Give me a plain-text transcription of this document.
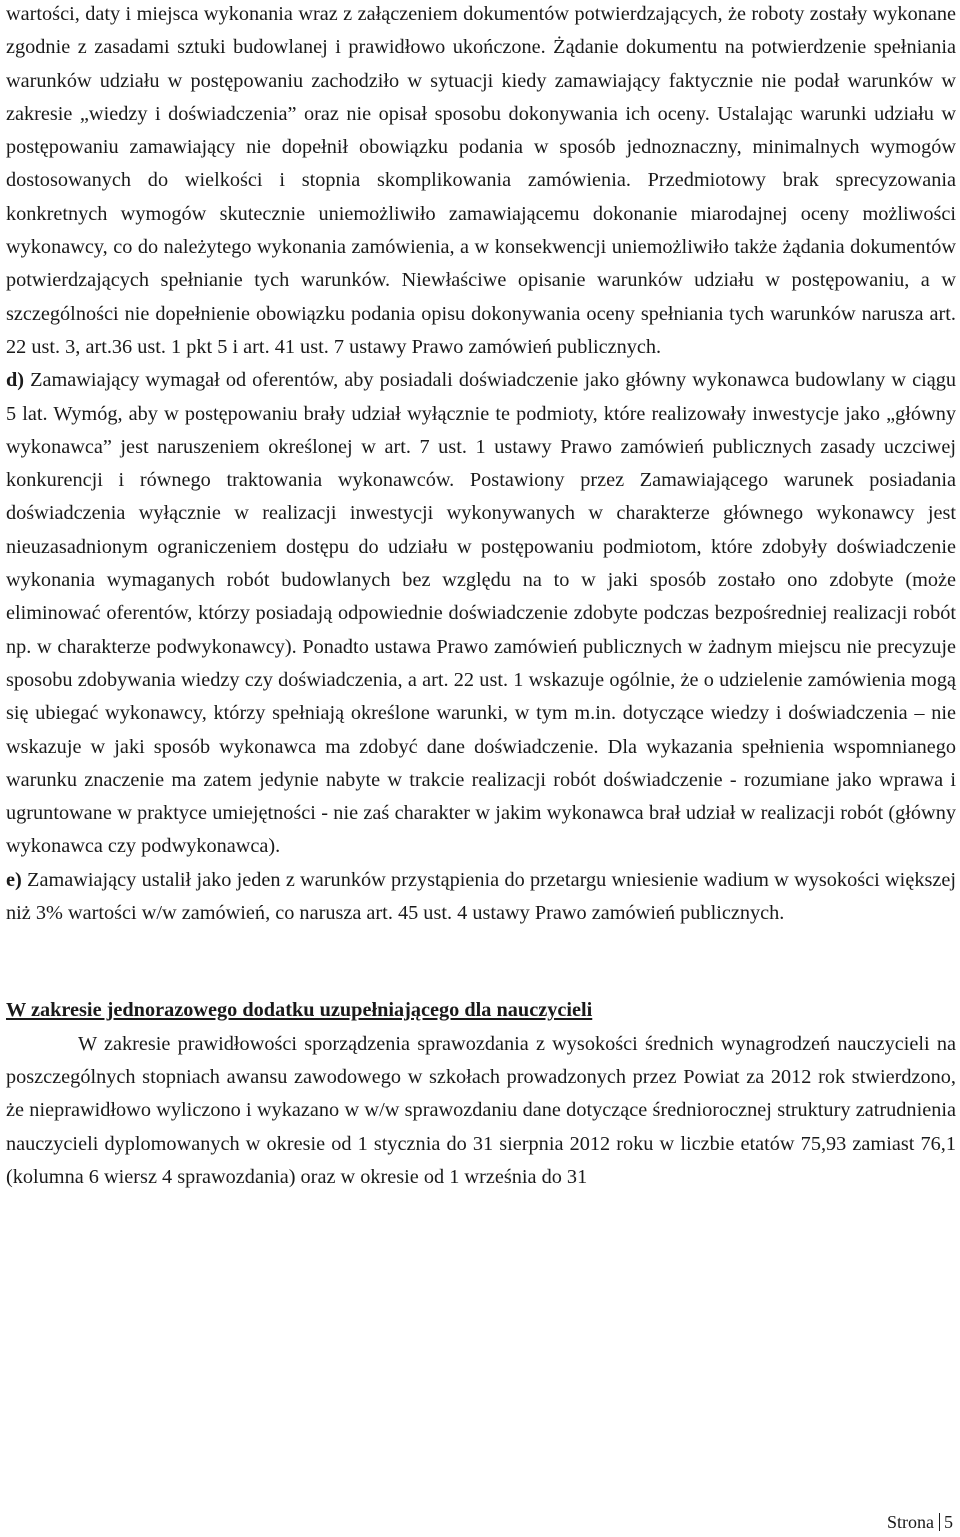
wartości, daty i miejsca wykonania wraz z załączeniem dokumentów potwierdzających, że roboty zostały wykonane zgodnie z zasadami sztuki budowlanej i prawidłowo ukończone. Żądanie dokumentu na potwierdzenie spełniania warunków udziału w postępowaniu zachodziło w sytuacji kiedy zamawiający faktycznie nie podał warunków w zakresie „wiedzy i doświadczenia” oraz nie opisał sposobu dokonywania ich oceny. Ustalając warunki udziału w postępowaniu zamawiający nie dopełnił obowiązku podania w sposób jednoznaczny, minimalnych wymogów dostosowanych do wielkości i stopnia skomplikowania zamówienia. Przedmiotowy brak sprecyzowania konkretnych wymogów skutecznie uniemożliwiło zamawiającemu dokonanie miarodajnej oceny możliwości wykonawcy, co do należytego wykonania zamówienia, a w konsekwencji uniemożliwiło także żądania dokumentów potwierdzających spełnianie tych warunków. Niewłaściwe opisanie warunków udziału w postępowaniu, a w szczególności nie dopełnienie obowiązku podania opisu dokonywania oceny spełniania tych warunków narusza art. 22 ust. 3, art.36 ust. 1 pkt 5 i art. 41 ust. 7 ustawy Prawo zamówień publicznych.

d) Zamawiający wymagał od oferentów, aby posiadali doświadczenie jako główny wykonawca budowlany w ciągu 5 lat. Wymóg, aby w postępowaniu brały udział wyłącznie te podmioty, które realizowały inwestycje jako „główny wykonawca” jest naruszeniem określonej w art. 7 ust. 1 ustawy Prawo zamówień publicznych zasady uczciwej konkurencji i równego traktowania wykonawców. Postawiony przez Zamawiającego warunek posiadania doświadczenia wyłącznie w realizacji inwestycji wykonywanych w charakterze głównego wykonawcy jest nieuzasadnionym ograniczeniem dostępu do udziału w postępowaniu podmiotom, które zdobyły doświadczenie wykonania wymaganych robót budowlanych bez względu na to w jaki sposób zostało ono zdobyte (może eliminować oferentów, którzy posiadają odpowiednie doświadczenie zdobyte podczas bezpośredniej realizacji robót np. w charakterze podwykonawcy). Ponadto ustawa Prawo zamówień publicznych w żadnym miejscu nie precyzuje sposobu zdobywania wiedzy czy doświadczenia, a art. 22 ust. 1 wskazuje ogólnie, że o udzielenie zamówienia mogą się ubiegać wykonawcy, którzy spełniają określone warunki, w tym m.in. dotyczące wiedzy i doświadczenia – nie wskazuje w jaki sposób wykonawca ma zdobyć dane doświadczenie. Dla wykazania spełnienia wspomnianego warunku znaczenie ma zatem jedynie nabyte w trakcie realizacji robót doświadczenie - rozumiane jako wprawa i ugruntowane w praktyce umiejętności - nie zaś charakter w jakim wykonawca brał udział w realizacji robót (główny wykonawca czy podwykonawca).

e) Zamawiający ustalił jako jeden z warunków przystąpienia do przetargu wniesienie wadium w wysokości większej niż 3% wartości w/w zamówień, co narusza art. 45 ust. 4 ustawy Prawo zamówień publicznych.

W zakresie jednorazowego dodatku uzupełniającego dla nauczycieli

W zakresie prawidłowości sporządzenia sprawozdania z wysokości średnich wynagrodzeń nauczycieli na poszczególnych stopniach awansu zawodowego w szkołach prowadzonych przez Powiat za 2012 rok stwierdzono, że nieprawidłowo wyliczono i wykazano w w/w sprawozdaniu dane dotyczące średniorocznej struktury zatrudnienia nauczycieli dyplomowanych w okresie od 1 stycznia do 31 sierpnia 2012 roku w liczbie etatów 75,93 zamiast 76,1 (kolumna 6 wiersz 4 sprawozdania) oraz w okresie od 1 września do 31

Strona 5
